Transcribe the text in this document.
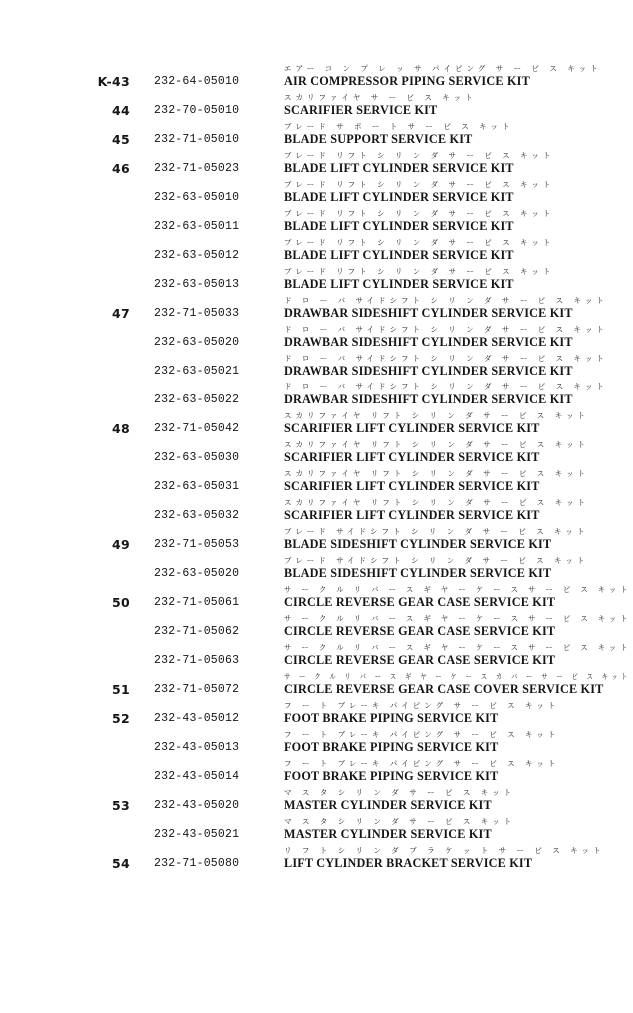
K-43 232-64-05010
エアー コ ン プ レ ッ サ パイピング サ ー ビ ス キット
AIR COMPRESSOR PIPING SERVICE KIT
44 232-70-05010
スカリファイヤ サ ー ビ ス キット
SCARIFIER SERVICE KIT
45 232-71-05010
ブレード サ ポ ー ト サ ー ビ ス キット
BLADE SUPPORT SERVICE KIT
46 232-71-05023
ブレード リフト シ リ ン ダ サ ー ビ ス キット
BLADE LIFT CYLINDER SERVICE KIT
232-63-05010
ブレード リフト シ リ ン ダ サ ー ビ ス キット
BLADE LIFT CYLINDER SERVICE KIT
232-63-05011
ブレード リフト シ リ ン ダ サ ー ビ ス キット
BLADE LIFT CYLINDER SERVICE KIT
232-63-05012
ブレード リフト シ リ ン ダ サ ー ビ ス キット
BLADE LIFT CYLINDER SERVICE KIT
232-63-05013
ブレード リフト シ リ ン ダ サ ー ビ ス キット
BLADE LIFT CYLINDER SERVICE KIT
47 232-71-05033
ド ロ ー バ サイドシフト シ リ ン ダ サ ー ビ ス キット
DRAWBAR SIDESHIFT CYLINDER SERVICE KIT
232-63-05020
ド ロ ー バ サイドシフト シ リ ン ダ サ ー ビ ス キット
DRAWBAR SIDESHIFT CYLINDER SERVICE KIT
232-63-05021
ド ロ ー バ サイドシフト シ リ ン ダ サ ー ビ ス キット
DRAWBAR SIDESHIFT CYLINDER SERVICE KIT
232-63-05022
ド ロ ー バ サイドシフト シ リ ン ダ サ ー ビ ス キット
DRAWBAR SIDESHIFT CYLINDER SERVICE KIT
48 232-71-05042
スカリファイヤ リフト シ リ ン ダ サ ー ビ ス キット
SCARIFIER LIFT CYLINDER SERVICE KIT
232-63-05030
スカリファイヤ リフト シ リ ン ダ サ ー ビ ス キット
SCARIFIER LIFT CYLINDER SERVICE KIT
232-63-05031
スカリファイヤ リフト シ リ ン ダ サ ー ビ ス キット
SCARIFIER LIFT CYLINDER SERVICE KIT
232-63-05032
スカリファイヤ リフト シ リ ン ダ サ ー ビ ス キット
SCARIFIER LIFT CYLINDER SERVICE KIT
49 232-71-05053
ブレード サイドシフト シ リ ン ダ サ ー ビ ス キット
BLADE SIDESHIFT CYLINDER SERVICE KIT
232-63-05020
ブレード サイドシフト シ リ ン ダ サ ー ビ ス キット
BLADE SIDESHIFT CYLINDER SERVICE KIT
50 232-71-05061
サ ー ク ル リ バ ー ス ギ ヤ ー ケ ー ス サ ー ビ ス キット
CIRCLE REVERSE GEAR CASE SERVICE KIT
232-71-05062
サ ー ク ル リ バ ー ス ギ ヤ ー ケ ー ス サ ー ビ ス キット
CIRCLE REVERSE GEAR CASE SERVICE KIT
232-71-05063
サ ー ク ル リ バ ー ス ギ ヤ ー ケ ー ス サ ー ビ ス キット
CIRCLE REVERSE GEAR CASE SERVICE KIT
51 232-71-05072
サ ー ク ル リ バ ー ス ギ ヤ ー ケ ー ス カ バ ー サ ー ビ ス キット
CIRCLE REVERSE GEAR CASE COVER SERVICE KIT
52 232-43-05012
フ ー ト ブレーキ パイピング サ ー ビ ス キット
FOOT BRAKE PIPING SERVICE KIT
232-43-05013
フ ー ト ブレーキ パイピング サ ー ビ ス キット
FOOT BRAKE PIPING SERVICE KIT
232-43-05014
フ ー ト ブレーキ パイピング サ ー ビ ス キット
FOOT BRAKE PIPING SERVICE KIT
53 232-43-05020
マ ス タ シ リ ン ダ サ ー ビ ス キット
MASTER CYLINDER SERVICE KIT
232-43-05021
マ ス タ シ リ ン ダ サ ー ビ ス キット
MASTER CYLINDER SERVICE KIT
54 232-71-05080
リ フ ト シ リ ン ダ ブ ラ ケ ッ ト サ ー ビ ス キット
LIFT CYLINDER BRACKET SERVICE KIT
